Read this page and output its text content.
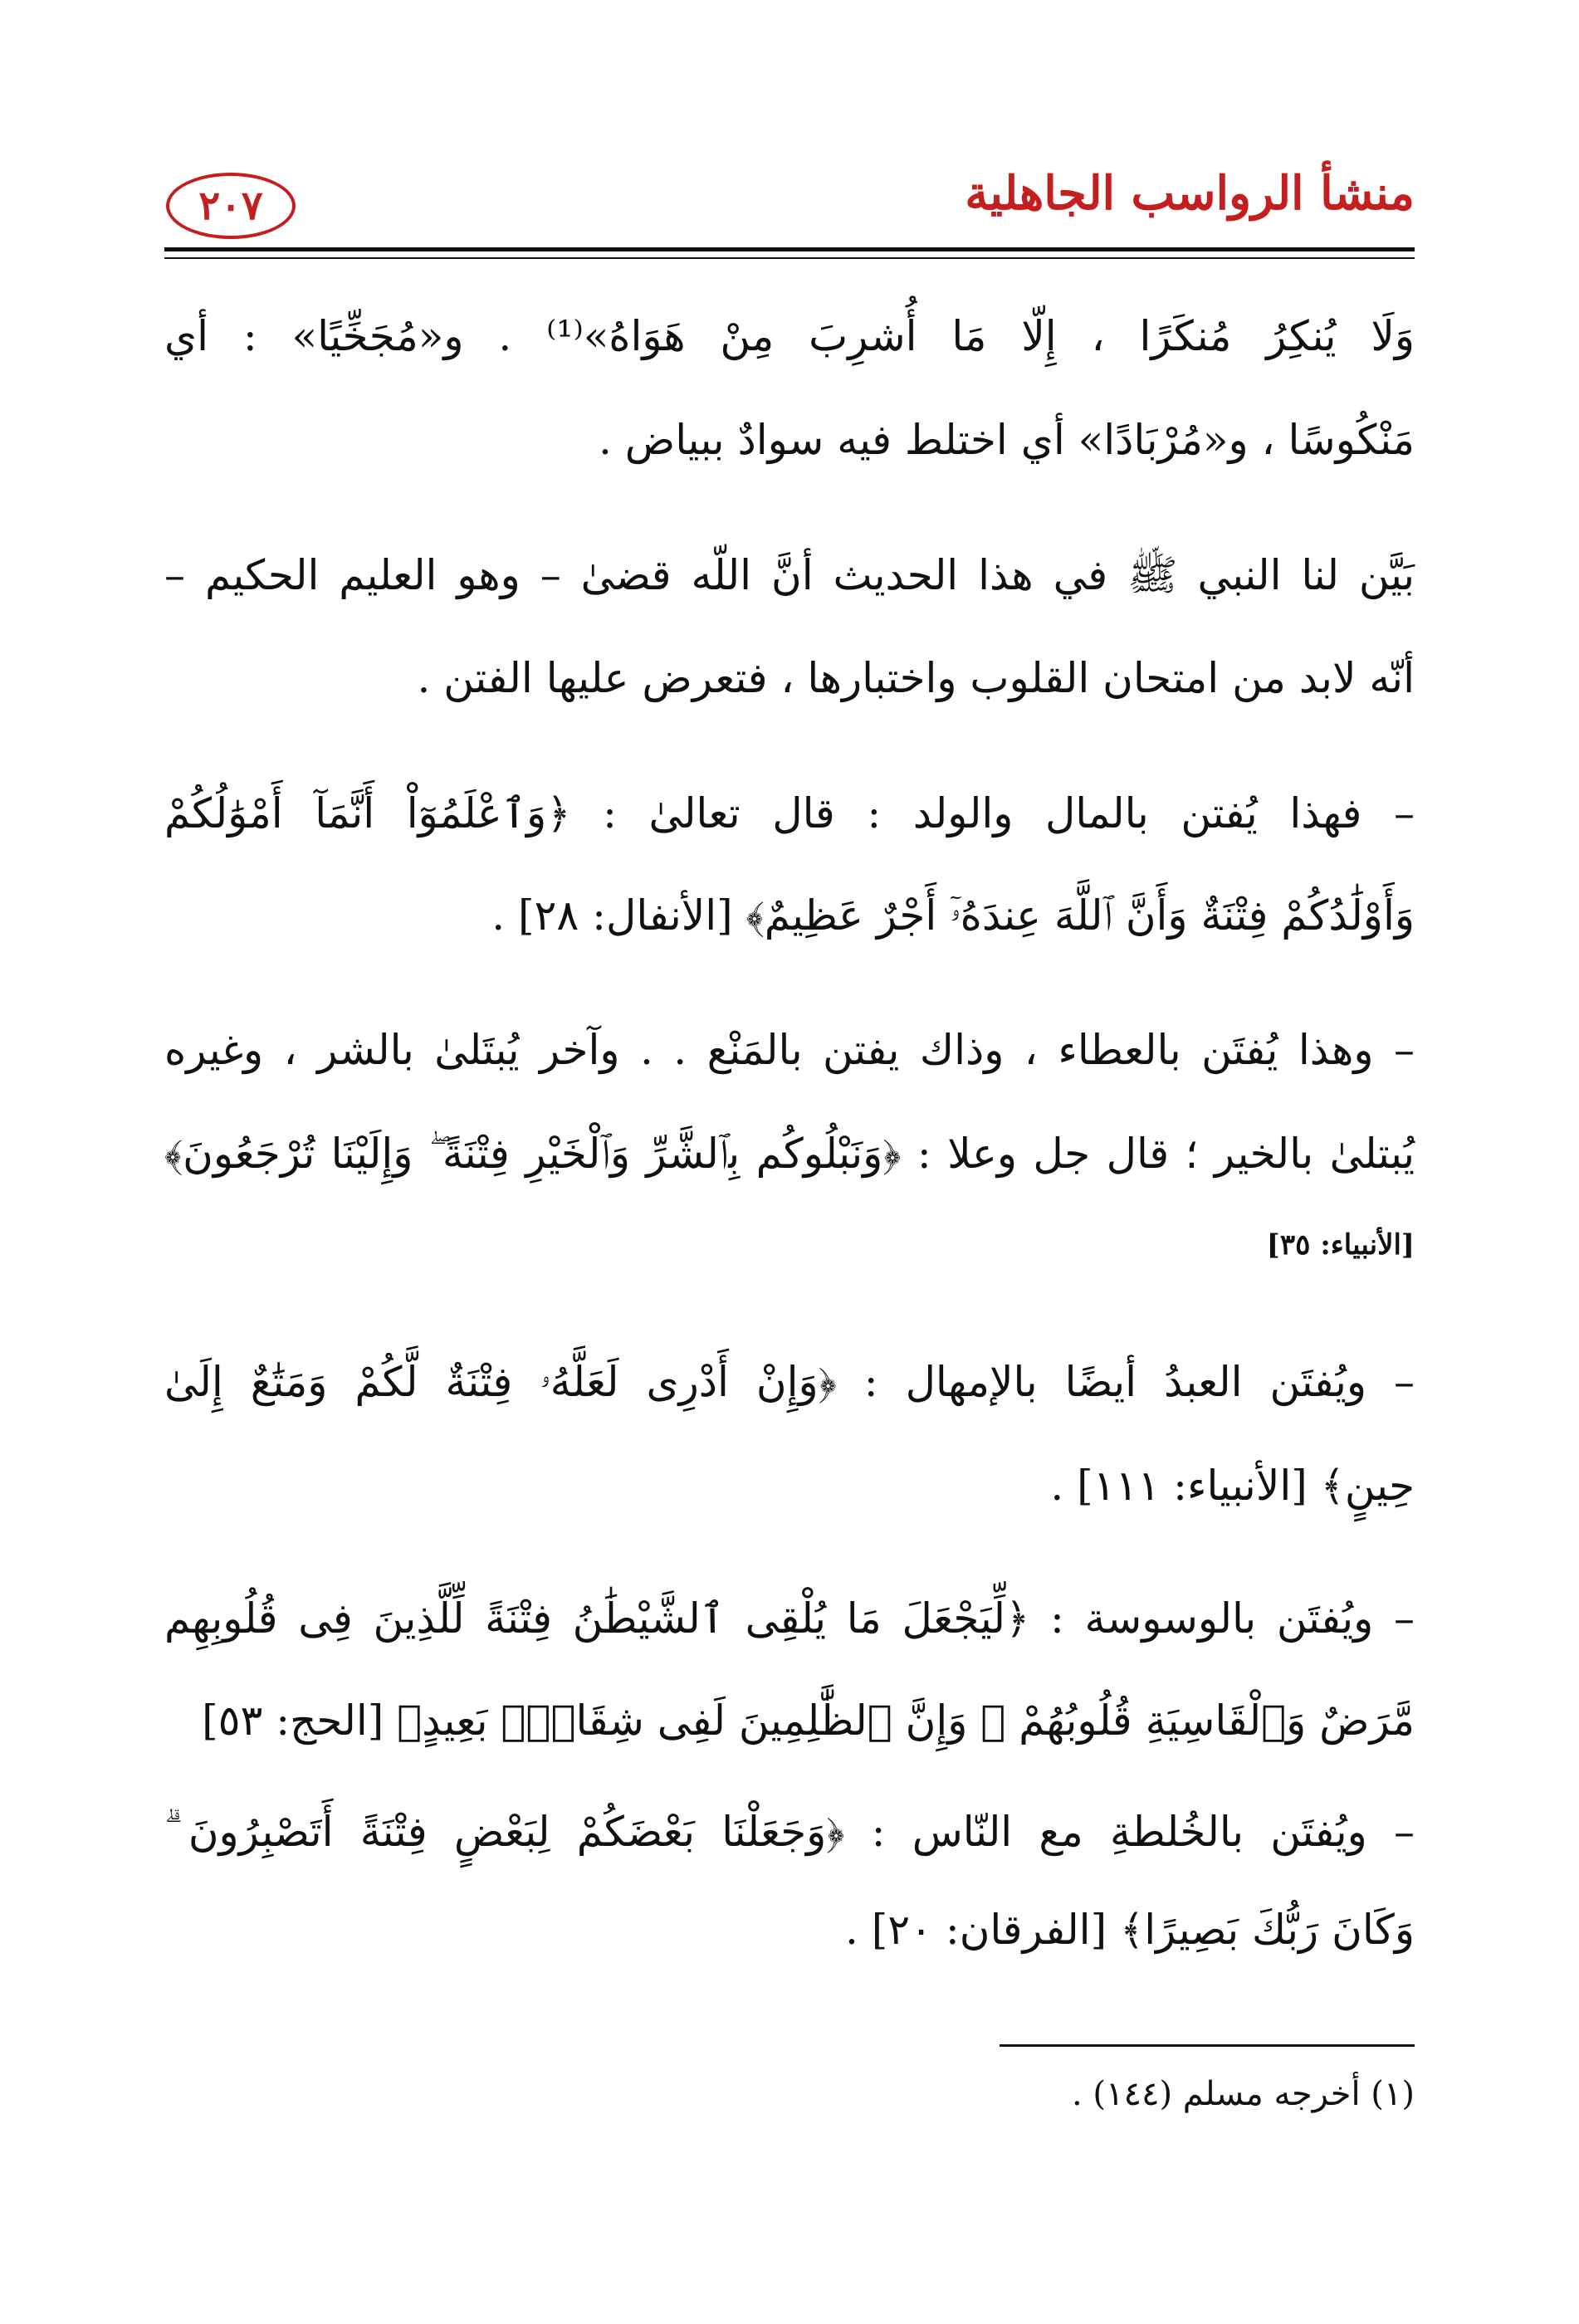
منشأ الرواسب الجاهلية
٢٠٧
وَلَا يُنكِرُ مُنكَرًا ، إِلّا مَا أُشرِبَ مِنْ هَوَاهُ»⁽¹⁾ . و«مُجَخِّيًا» : أي
مَنْكُوسًا ، و«مُرْبَادًا» أي اختلط فيه سوادٌ ببياض .
بَيَّن لنا النبي ﷺ في هذا الحديث أنَّ اللّه قضىٰ – وهو العليم الحكيم –
أنّه لابد من امتحان القلوب واختبارها ، فتعرض عليها الفتن .
– فهذا يُفتن بالمال والولد : قال تعالىٰ : ﴿وَٱعْلَمُوٓاْ أَنَّمَآ أَمْوَٰلُكُمْ
وَأَوْلَٰدُكُمْ فِتْنَةٌ وَأَنَّ ٱللَّهَ عِندَهُۥٓ أَجْرٌ عَظِيمٌ﴾ [الأنفال: ٢٨] .
– وهذا يُفتَن بالعطاء ، وذاك يفتن بالمَنْع . . وآخر يُبتَلىٰ بالشر ، وغيره
يُبتلىٰ بالخير ؛ قال جل وعلا : ﴿وَنَبْلُوكُم بِٱلشَّرِّ وَٱلْخَيْرِ فِتْنَةً ۖ وَإِلَيْنَا تُرْجَعُونَ﴾
[الأنبياء: ٣٥]
– ويُفتَن العبدُ أيضًا بالإمهال : ﴿وَإِنْ أَدْرِى لَعَلَّهُۥ فِتْنَةٌ لَّكُمْ وَمَتَٰعٌ إِلَىٰ
حِينٍ﴾ [الأنبياء: ١١١] .
– ويُفتَن بالوسوسة : ﴿لِّيَجْعَلَ مَا يُلْقِى ٱلشَّيْطَٰنُ فِتْنَةً لِّلَّذِينَ فِى قُلُوبِهِم
مَّرَضٌ وَٱلْقَاسِيَةِ قُلُوبُهُمْ ۗ وَإِنَّ ٱلظَّٰلِمِينَ لَفِى شِقَاقٍۭ بَعِيدٍ﴾ [الحج: ٥٣]
– ويُفتَن بالخُلطةِ مع النّاس : ﴿وَجَعَلْنَا بَعْضَكُمْ لِبَعْضٍ فِتْنَةً أَتَصْبِرُونَ ۗ
وَكَانَ رَبُّكَ بَصِيرًا﴾ [الفرقان: ٢٠] .
(١) أخرجه مسلم (١٤٤) .
